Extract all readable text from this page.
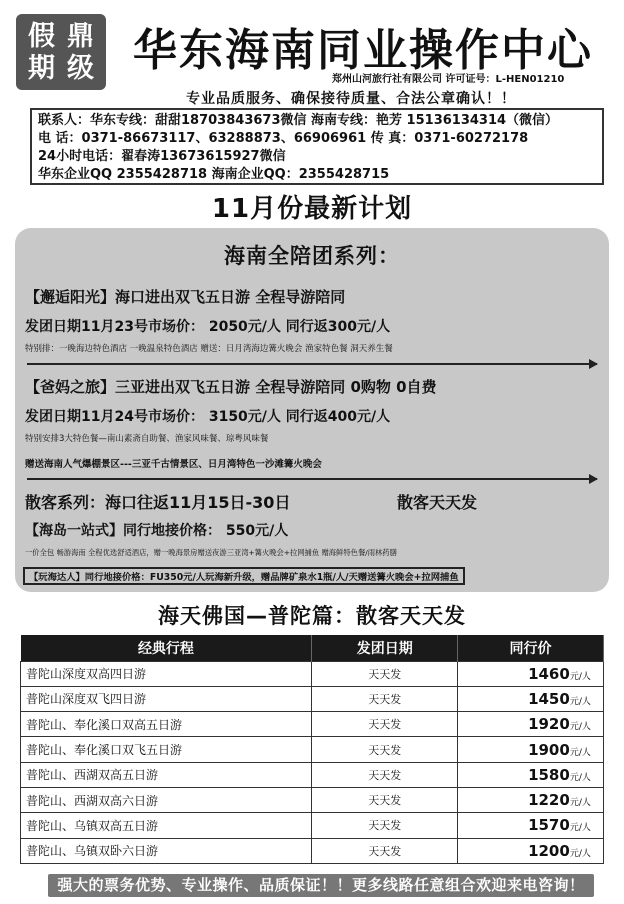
假 鼎
期 级 华东海南同业操作中心
郑州山河旅行社有限公司 许可证号：L-HEN01210
专业品质服务、确保接待质量、合法公章确认！！
联系人：华东专线：甜甜18703843673微信 海南专线：艳芳 15136134314（微信）
电 话：0371-86673117、63288873、66906961 传 真：0371-60272178
24小时电话：翟春涛13673615927微信
华东企业QQ 2355428718 海南企业QQ：2355428715
11月份最新计划
海南全陪团系列：
【邂逅阳光】海口进出双飞五日游 全程导游陪同
发团日期11月23号市场价： 2050元/人 同行返300元/人
特别排：一晚海边特色酒店 一晚温泉特色酒店 赠送：日月湾海边篝火晚会 渔家特色餐 洞天养生餐
【爸妈之旅】三亚进出双飞五日游 全程导游陪同 0购物 0自费
发团日期11月24号市场价： 3150元/人 同行返400元/人
特别安排3大特色餐—南山素斋自助餐、渔家风味餐、琼粤风味餐
赠送海南人气爆棚景区---三亚千古情景区、日月湾特色一沙滩篝火晚会
散客系列：海口往返11月15日-30日	散客天天发
【海岛一站式】同行地接价格： 550元/人
一价全包 畅游海南 全程优选舒适酒店，赠一晚海景房赠送夜游三亚湾+篝火晚会+拉网捕鱼 赠海鲜特色餐/雨林药膳
【玩海达人】同行地接价格：FU350元/人玩海新升级，赠品牌矿泉水1瓶/人/天赠送篝火晚会+拉网捕鱼
海天佛国—普陀篇：散客天天发
经典行程	发团日期	同行价
普陀山深度双高四日游	天天发	1460元/人
普陀山深度双飞四日游	天天发	1450元/人
普陀山、奉化溪口双高五日游	天天发	1920元/人
普陀山、奉化溪口双飞五日游	天天发	1900元/人
普陀山、西湖双高五日游	天天发	1580元/人
普陀山、西湖双高六日游	天天发	1220元/人
普陀山、乌镇双高五日游	天天发	1570元/人
普陀山、乌镇双卧六日游	天天发	1200元/人
强大的票务优势、专业操作、品质保证！！更多线路任意组合欢迎来电咨询！
